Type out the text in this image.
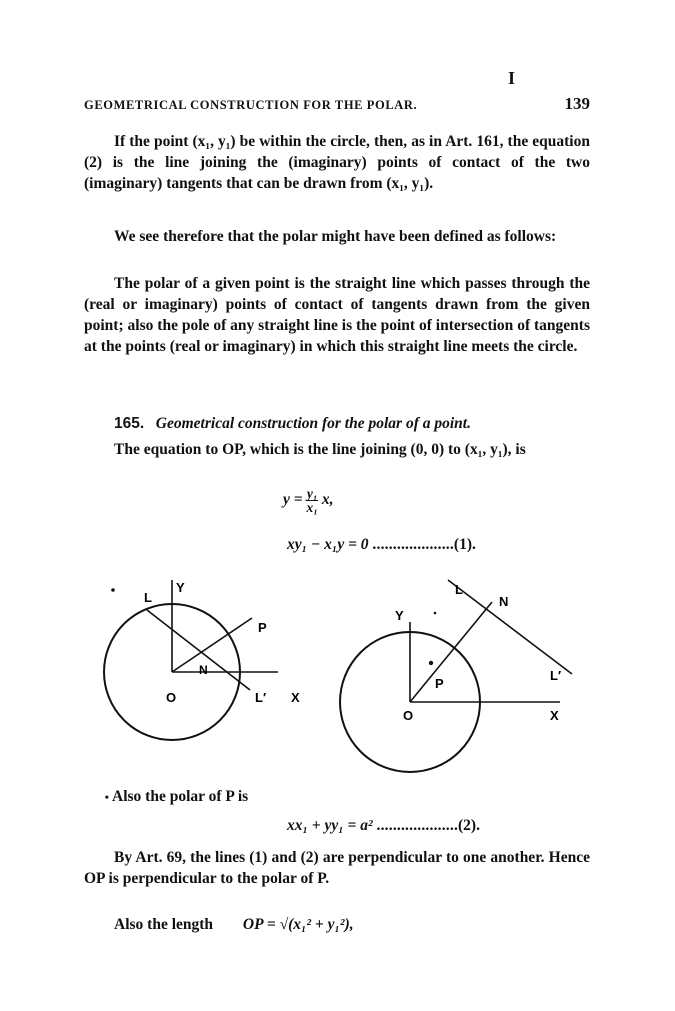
I
GEOMETRICAL CONSTRUCTION FOR THE POLAR.	139

If the point (x₁, y₁) be within the circle, then, as in Art. 161, the equation (2) is the line joining the (imaginary) points of contact of the two (imaginary) tangents that can be drawn from (x₁, y₁).

We see therefore that the polar might have been defined as follows:

The polar of a given point is the straight line which passes through the (real or imaginary) points of contact of tangents drawn from the given point; also the pole of any straight line is the point of intersection of tangents at the points (real or imaginary) in which this straight line meets the circle.

165. Geometrical construction for the polar of a point.

The equation to OP, which is the line joining (0, 0) to (x₁, y₁), is

$y = \frac{\text{y₁}}{\text{x₁}} x$,
xy₁ − x₁y = 0 ....................(1).
L
Y
P
N
O	L′ X
L
N
Y
L′
P
O	X

• Also the polar of P is

xx₁ + yy₁ = a² ....................(2).

By Art. 69, the lines (1) and (2) are perpendicular to one another. Hence OP is perpendicular to the polar of P.

Also the length OP = √(x₁² + y₁²),
